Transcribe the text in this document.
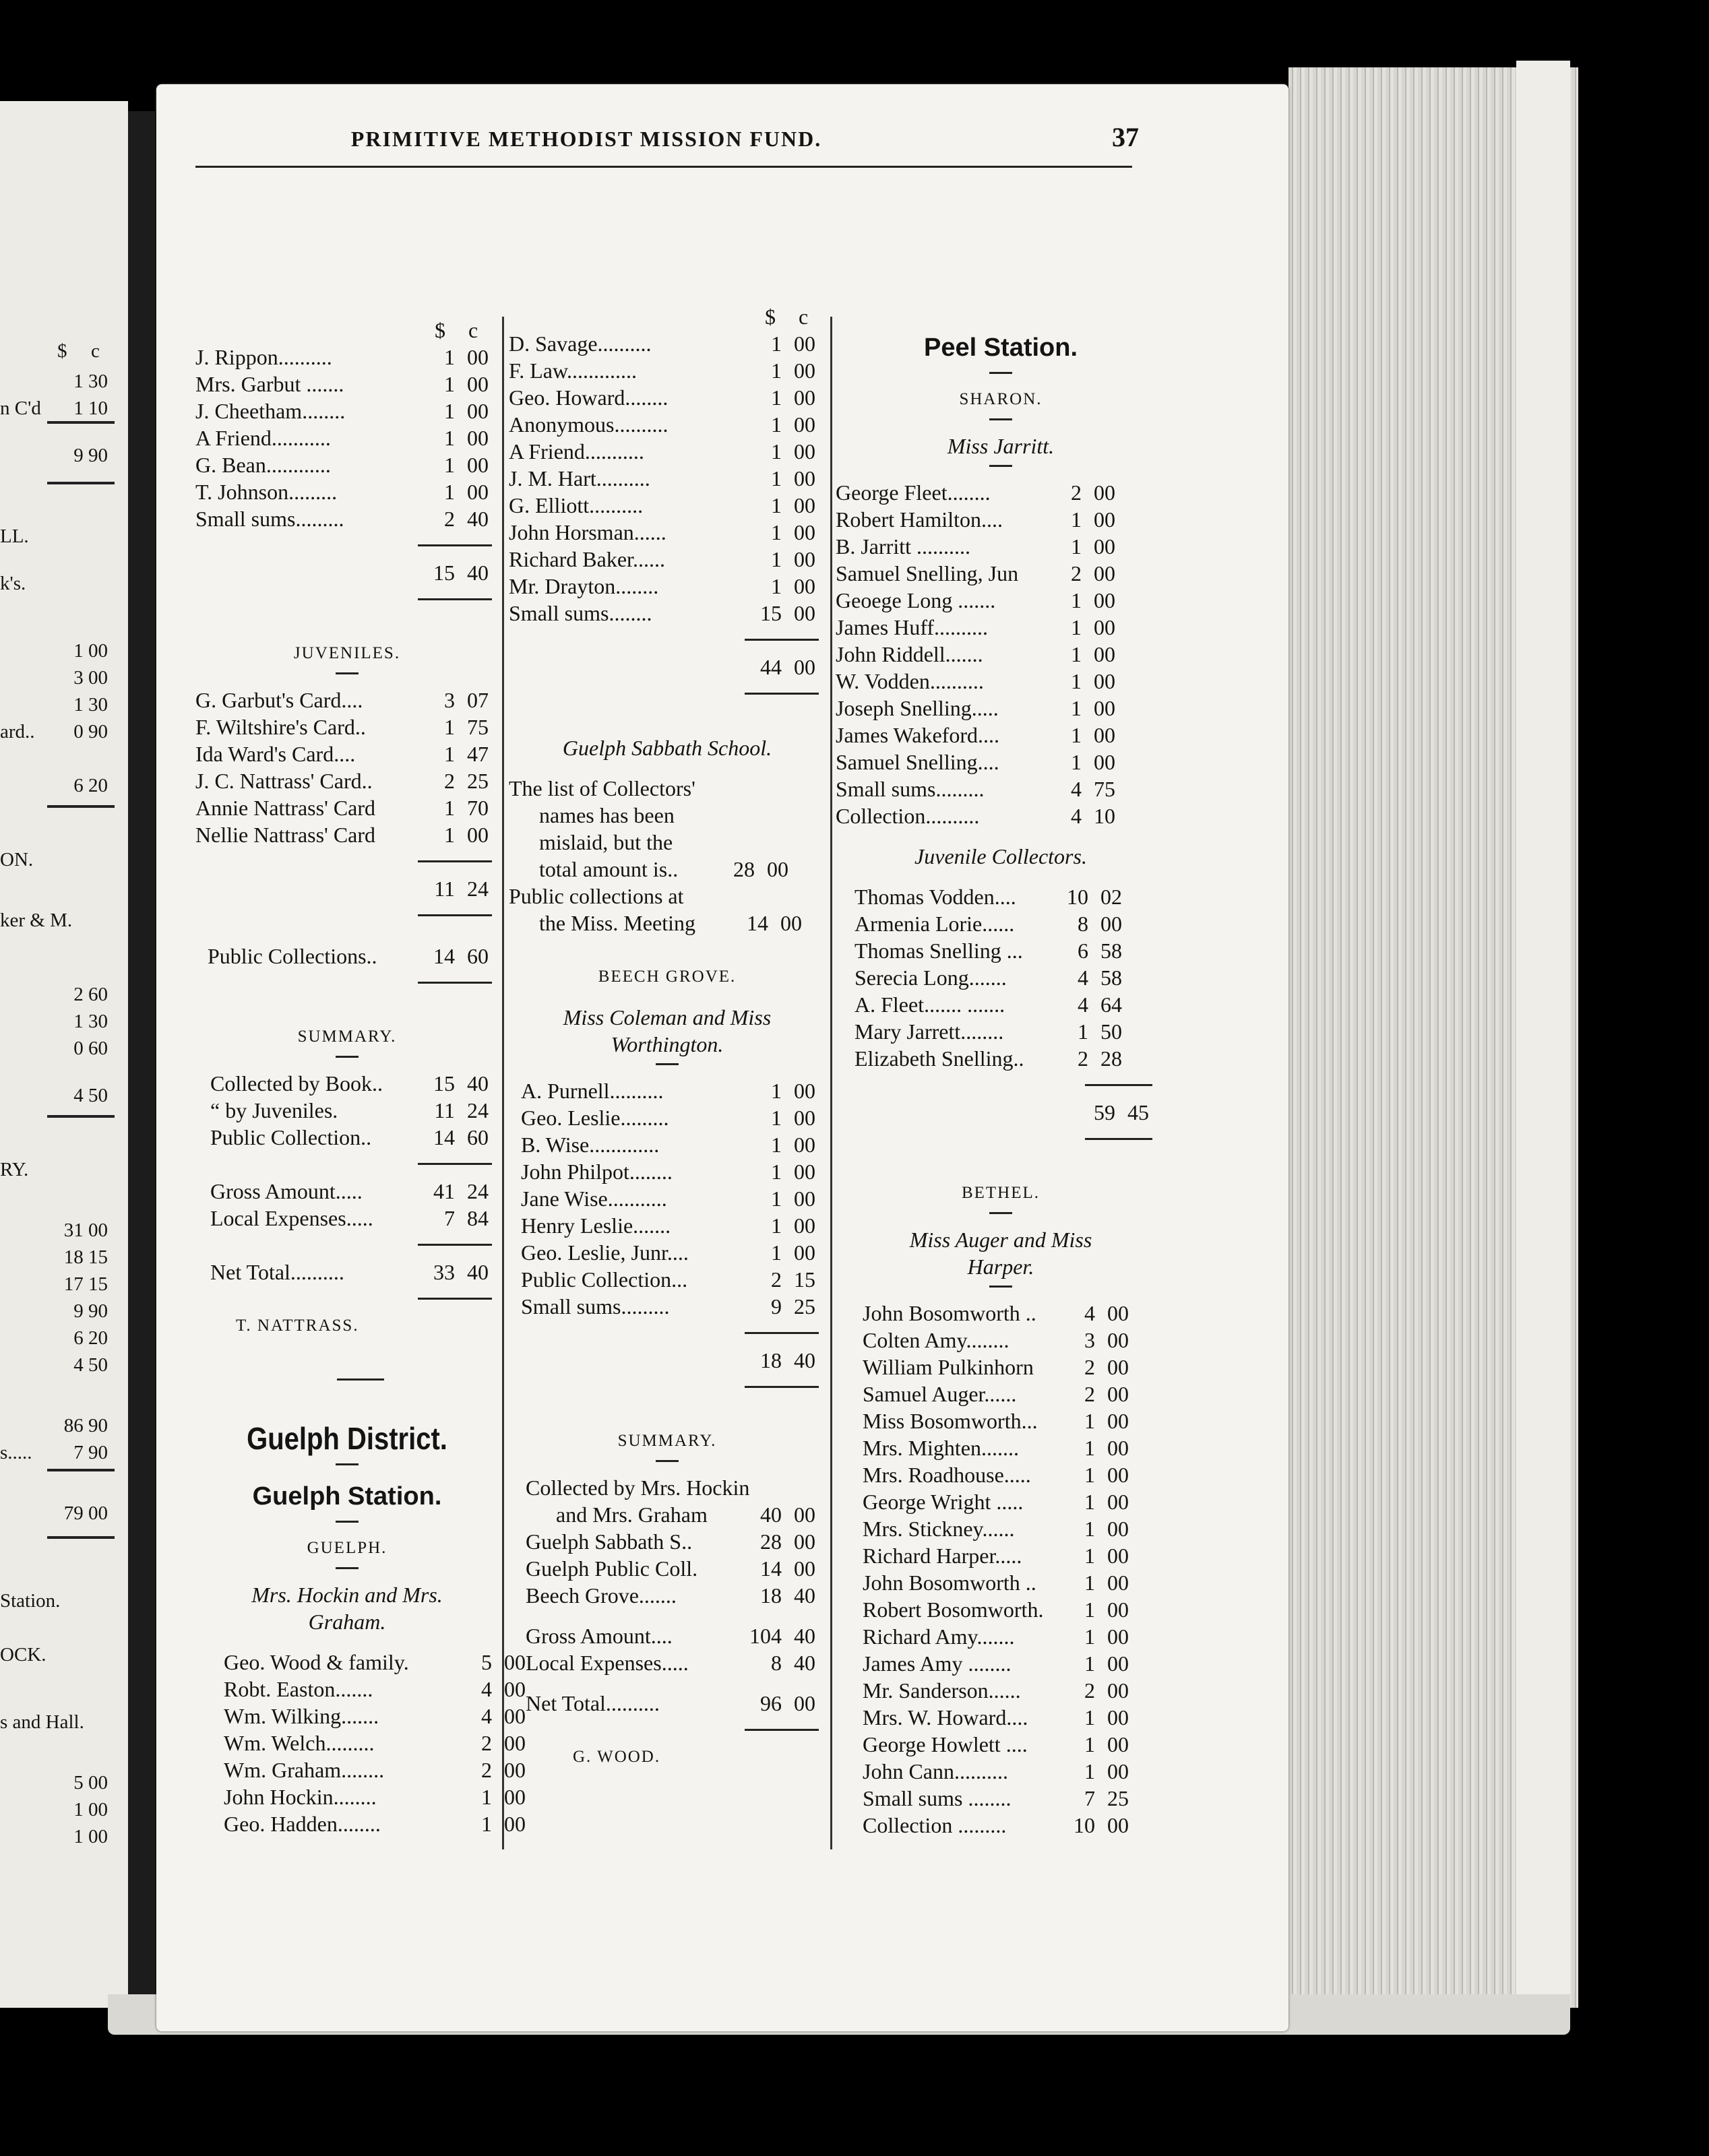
$ c
1 30
n C'd	1 10
9 90
LL.
k's.
1 00
3 00
1 30
ard..	0 90
6 20
ON.
ker & M.
2 60
1 30
0 60
4 50
RY.
31 00
18 15
17 15
9 90
6 20
4 50
86 90
s.....	7 90
79 00
Station.
OCK.
s and Hall.
5 00
1 00
1 00
PRIMITIVE METHODIST MISSION FUND.	37
$ c
J. Rippon..........	1 00
Mrs. Garbut .......	1 00
J. Cheetham........	1 00
A Friend...........	1 00
G. Bean............	1 00
T. Johnson.........	1 00
Small sums.........	2 40
15 40
JUVENILES.
G. Garbut's Card....	3 07
F. Wiltshire's Card..	1 75
Ida Ward's Card....	1 47
J. C. Nattrass' Card..	2 25
Annie Nattrass' Card	1 70
Nellie Nattrass' Card	1 00
11 24
Public Collections..	14 60
SUMMARY.
Collected by Book.. 15 40
“ by Juveniles.	11 24
Public Collection..	14 60
Gross Amount.....	41 24
Local Expenses.....	7 84
Net Total..........	33 40
T. NATTRASS.
Guelph District.
Guelph Station.
GUELPH.
Mrs. Hockin and Mrs. Graham.
Geo. Wood & family.	5 00
Robt. Easton.......	4 00
Wm. Wilking.......	4 00
Wm. Welch.........	2 00
Wm. Graham........	2 00
John Hockin........	1 00
Geo. Hadden........	1 00
$ c
D. Savage..........	1 00
F. Law.............	1 00
Geo. Howard........	1 00
Anonymous..........	1 00
A Friend...........	1 00
J. M. Hart..........	1 00
G. Elliott..........	1 00
John Horsman......	1 00
Richard Baker......	1 00
Mr. Drayton........	1 00
Small sums........	15 00
44 00
Guelph Sabbath School.
The list of Collectors'
names has been
mislaid, but the
total amount is..	28 00
Public collections at
the Miss. Meeting 14 00
BEECH GROVE.
Miss Coleman and Miss
Worthington.
A. Purnell..........	1 00
Geo. Leslie.........	1 00
B. Wise.............	1 00
John Philpot........	1 00
Jane Wise...........	1 00
Henry Leslie.......	1 00
Geo. Leslie, Junr....	1 00
Public Collection...	2 15
Small sums.........	9 25
18 40
SUMMARY.
Collected by Mrs. Hockin
and Mrs. Graham 40 00
Guelph Sabbath S..	28 00
Guelph Public Coll.	14 00
Beech Grove.......	18 40
Gross Amount....	104 40
Local Expenses.....	8 40
Net Total..........	96 00
G. WOOD.
Peel Station.
SHARON.
Miss Jarritt.
George Fleet........	2 00
Robert Hamilton....	1 00
B. Jarritt ..........	1 00
Samuel Snelling, Jun	2 00
Geoege Long .......	1 00
James Huff..........	1 00
John Riddell.......	1 00
W. Vodden..........	1 00
Joseph Snelling.....	1 00
James Wakeford....	1 00
Samuel Snelling....	1 00
Small sums.........	4 75
Collection..........	4 10
Juvenile Collectors.
Thomas Vodden.... 10 02
Armenia Lorie......	8 00
Thomas Snelling ...	6 58
Serecia Long.......	4 58
A. Fleet....... .......	4 64
Mary Jarrett........	1 50
Elizabeth Snelling..	2 28
59 45
BETHEL.
Miss Auger and Miss
Harper.
John Bosomworth ..	4 00
Colten Amy........	3 00
William Pulkinhorn	2 00
Samuel Auger......	2 00
Miss Bosomworth...	1 00
Mrs. Mighten.......	1 00
Mrs. Roadhouse.....	1 00
George Wright .....	1 00
Mrs. Stickney......	1 00
Richard Harper.....	1 00
John Bosomworth ..	1 00
Robert Bosomworth.	1 00
Richard Amy.......	1 00
James Amy ........	1 00
Mr. Sanderson......	2 00
Mrs. W. Howard....	1 00
George Howlett ....	1 00
John Cann..........	1 00
Small sums ........	7 25
Collection .........	10 00
